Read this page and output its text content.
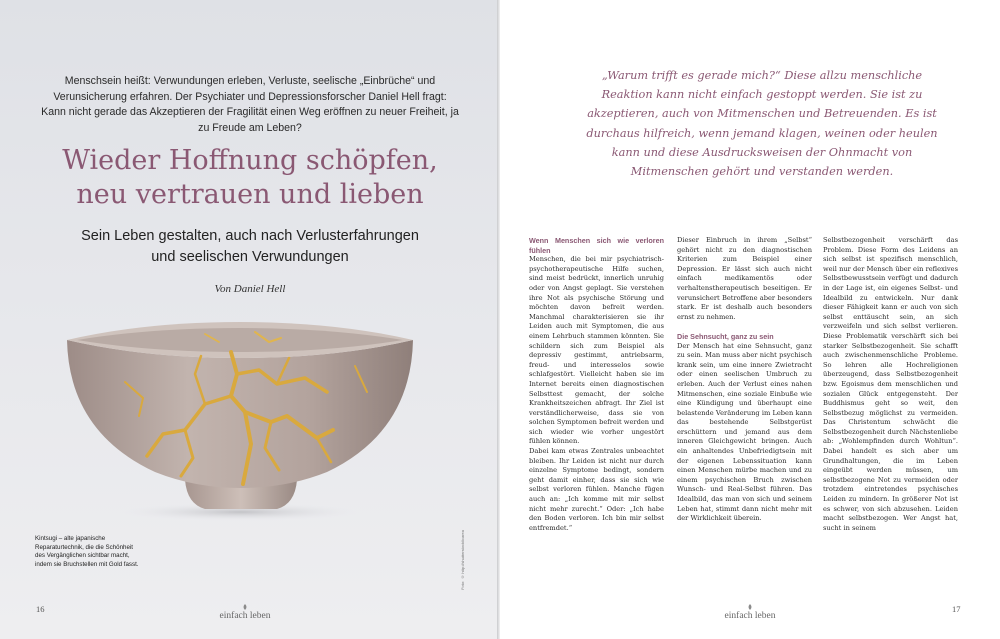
Menschsein heißt: Verwundungen erleben, Verluste, seelische „Einbrüche“ und Verunsicherung erfahren. Der Psychiater und Depressionsforscher Daniel Hell fragt: Kann nicht gerade das Akzeptieren der Fragilität einen Weg eröffnen zu neuer Freiheit, ja zu Freude am Leben?
Wieder Hoffnung schöpfen,
neu vertrauen und lieben
Sein Leben gestalten, auch nach Verlusterfahrungen
und seelischen Verwundungen
Von Daniel Hell
Kintsugi – alte japanische Reparaturtechnik, die die Schönheit des Vergänglichen sichtbar macht, indem sie Bruchstellen mit Gold fasst.	Foto: © http://shutterstock/icarea
16
einfach leben
„Warum trifft es gerade mich?“ Diese allzu menschliche Reaktion kann nicht einfach gestoppt werden. Sie ist zu akzeptieren, auch von Mitmenschen und Betreuenden. Es ist durchaus hilfreich, wenn jemand klagen, weinen oder heulen kann und diese Ausdrucksweisen der Ohnmacht von Mitmenschen gehört und verstanden werden.
Wenn Menschen sich wie verloren fühlen

Menschen, die bei mir psychiatrisch-psychotherapeutische Hilfe suchen, sind meist bedrückt, innerlich unruhig oder von Angst geplagt. Sie verstehen ihre Not als psychische Störung und möchten davon befreit werden. Manchmal charakterisieren sie ihr Leiden auch mit Symptomen, die aus einem Lehrbuch stammen könnten. Sie schildern sich zum Beispiel als depressiv gestimmt, antriebsarm, freud- und interesselos sowie schlafgestört. Vielleicht haben sie im Internet bereits einen diagnostischen Selbsttest gemacht, der solche Krankheitszeichen abfragt. Ihr Ziel ist verständlicherweise, dass sie von solchen Symptomen befreit werden und sich wieder wie vorher ungestört fühlen können.

Dabei kam etwas Zentrales unbeachtet bleiben. Ihr Leiden ist nicht nur durch einzelne Symptome bedingt, sondern geht damit einher, dass sie sich wie selbst verloren fühlen. Manche fügen auch an: „Ich komme mit mir selbst nicht mehr zurecht.“ Oder: „Ich habe den Boden verloren. Ich bin mir selbst entfremdet.“

Dieser Einbruch in ihrem „Selbst“ gehört nicht zu den diagnostischen Kriterien zum Beispiel einer Depression. Er lässt sich auch nicht einfach medikamentös oder verhaltenstherapeutisch beseitigen. Er verunsichert Betroffene aber besonders stark. Er ist deshalb auch besonders ernst zu nehmen.

Die Sehnsucht, ganz zu sein

Der Mensch hat eine Sehnsucht, ganz zu sein. Man muss aber nicht psychisch krank sein, um eine innere Zwietracht oder einen seelischen Umbruch zu erleben. Auch der Verlust eines nahen Mitmenschen, eine soziale Einbuße wie eine Kündigung und überhaupt eine belastende Veränderung im Leben kann das bestehende Selbstgerüst erschüttern und jemand aus dem inneren Gleichgewicht bringen. Auch ein anhaltendes Unbefriedigtsein mit der eigenen Lebenssituation kann einen Menschen mürbe machen und zu einem psychischen Bruch zwischen Wunsch- und Real-Selbst führen. Das Idealbild, das man von sich und seinem Leben hat, stimmt dann nicht mehr mit der Wirklichkeit überein.

Selbstbezogenheit verschärft das Problem. Diese Form des Leidens an sich selbst ist spezifisch menschlich, weil nur der Mensch über ein reflexives Selbstbewusstsein verfügt und dadurch in der Lage ist, ein eigenes Selbst- und Idealbild zu entwickeln. Nur dank dieser Fähigkeit kann er auch von sich selbst enttäuscht sein, an sich verzweifeln und sich selbst verlieren. Diese Problematik verschärft sich bei starker Selbstbezogenheit. Sie schafft auch zwischenmenschliche Probleme. So lehren alle Hochreligionen überzeugend, dass Selbstbezogenheit bzw. Egoismus dem menschlichen und sozialen Glück entgegensteht. Der Buddhismus geht so weit, den Selbstbezug möglichst zu vermeiden. Das Christentum schwächt die Selbstbezogenheit durch Nächstenliebe ab: „Wohlempfinden durch Wohltun“. Dabei handelt es sich aber um Grundhaltungen, die im Leben eingeübt werden müssen, um selbstbezogene Not zu vermeiden oder trotzdem eintretendes psychisches Leiden zu mindern. In größerer Not ist es schwer, von sich abzusehen. Leiden macht selbstbezogen. Wer Angst hat, sucht in seinem

einfach leben
17
